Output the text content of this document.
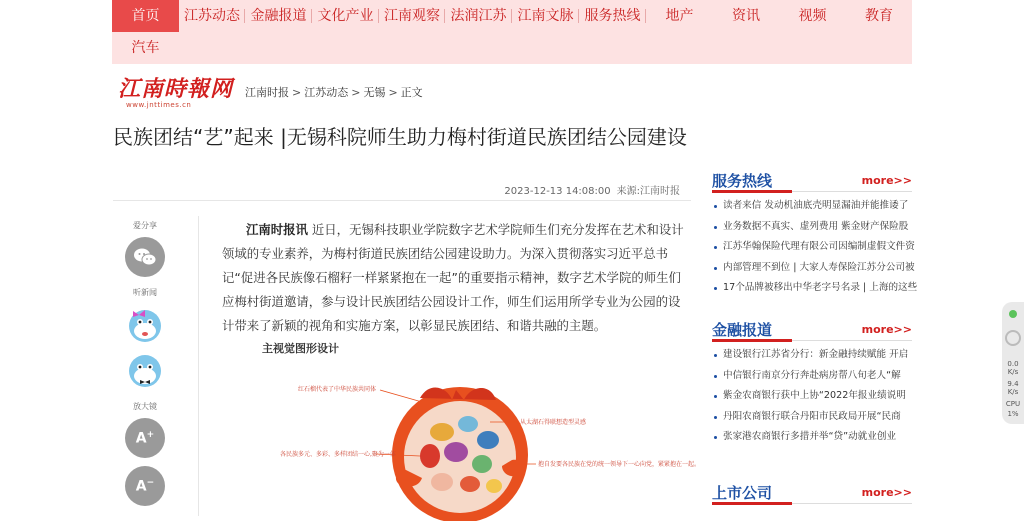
首页	江苏动态 金融报道 文化产业 江南观察 法润江苏 江南文脉 服务热线	地产	资讯	视频	教育
汽车
江南時報网
www.jnttimes.cn
江南时报 > 江苏动态 > 无锡 > 正文
民族团结“艺”起来 |无锡科院师生助力梅村街道民族团结公园建设
2023-12-13 14:08:00 来源:江南时报
爱分享
听新闻
放大镜
A+
A−

江南时报讯 近日，无锡科技职业学院数字艺术学院师生们充分发挥在艺术和设计领域的专业素养，为梅村街道民族团结公园建设助力。为深入贯彻落实习近平总书记“促进各民族像石榴籽一样紧紧抱在一起”的重要指示精神，数字艺术学院的师生们应梅村街道邀请，参与设计民族团结公园设计工作，师生们运用所学专业为公园的设计带来了新颖的视角和实施方案，以彰显民族团结、和谐共融的主题。

主视觉图形设计
红石榴代表了中华民族共同体
从太湖石得联想造型灵感
各民族多元、多彩、多样团结一心,聚为一体
抱自发要各民族在党的统一领导下一心向党，紧紧抱在一起。
服务热线	more>>
读者来信 发动机油底壳明显漏油并能推诿了
业务数据不真实、虚列费用 紫金财产保险股
江苏华翰保险代理有限公司因编制虚假文件资
内部管理不到位 | 大家人寿保险江苏分公司被
17个品牌被移出中华老字号名录 | 上海的这些
金融报道	more>>
建设银行江苏省分行：新金融持续赋能 开启
中信银行南京分行奔赴病房帮八旬老人“解
紫金农商银行获中上协“2022年报业绩说明
丹阳农商银行联合丹阳市民政局开展“民商
张家港农商银行多措并举“贷”动就业创业
上市公司	more>>
0.0
K/s
9.4
K/s
CPU
1%
